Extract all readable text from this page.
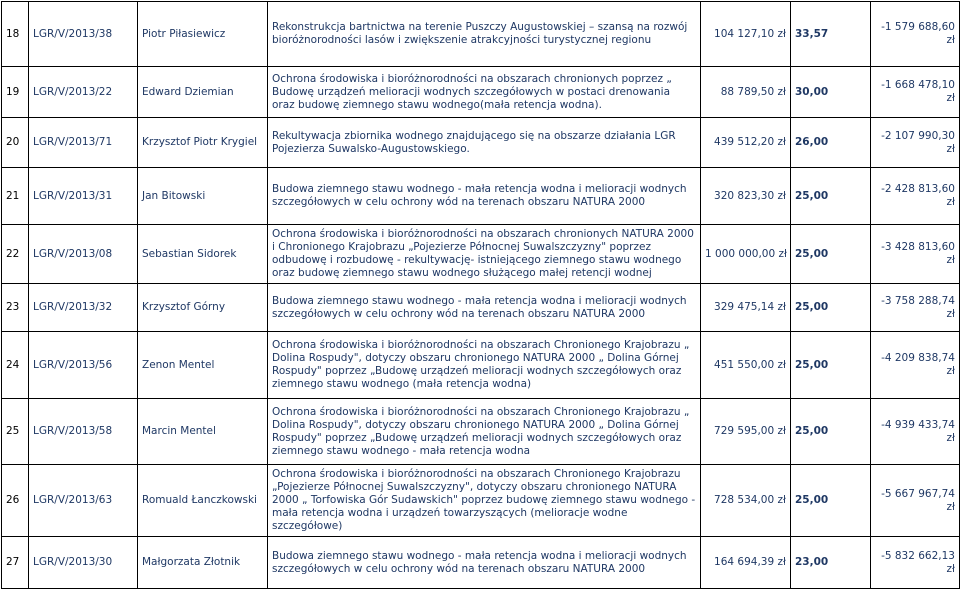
18	LGR/V/2013/38	Piotr Piłasiewicz	Rekonstrukcja bartnictwa na terenie Puszczy Augustowskiej – szansą na rozwój bioróżnorodności lasów i zwiększenie atrakcyjności turystycznej regionu	104 127,10 zł	33,57	-1 579 688,60 zł
19	LGR/V/2013/22	Edward Dziemian	Ochrona środowiska i bioróżnorodności na obszarach chronionych poprzez „ Budowę urządzeń melioracji wodnych szczegółowych w postaci drenowania oraz budowę ziemnego stawu wodnego(mała retencja wodna).	88 789,50 zł	30,00	-1 668 478,10 zł
20	LGR/V/2013/71	Krzysztof Piotr Krygiel	Rekultywacja zbiornika wodnego znajdującego się na obszarze działania LGR Pojezierza Suwalsko-Augustowskiego.	439 512,20 zł	26,00	-2 107 990,30 zł
21	LGR/V/2013/31	Jan Bitowski	Budowa ziemnego stawu wodnego - mała retencja wodna i melioracji wodnych szczegółowych w celu ochrony wód na terenach obszaru NATURA 2000	320 823,30 zł	25,00	-2 428 813,60 zł
22	LGR/V/2013/08	Sebastian Sidorek	Ochrona środowiska i bioróżnorodności na obszarach chronionych NATURA 2000 i Chronionego Krajobrazu „Pojezierze Północnej Suwalszczyzny" poprzez odbudowę i rozbudowę - rekultywację- istniejącego ziemnego stawu wodnego oraz budowę ziemnego stawu wodnego służącego małej retencji wodnej	1 000 000,00 zł	25,00	-3 428 813,60 zł
23	LGR/V/2013/32	Krzysztof Górny	Budowa ziemnego stawu wodnego - mała retencja wodna i melioracji wodnych szczegółowych w celu ochrony wód na terenach obszaru NATURA 2000	329 475,14 zł	25,00	-3 758 288,74 zł
24	LGR/V/2013/56	Zenon Mentel	Ochrona środowiska i bioróżnorodności na obszarach Chronionego Krajobrazu „ Dolina Rospudy", dotyczy obszaru chronionego NATURA 2000 „ Dolina Górnej Rospudy" poprzez „Budowę urządzeń melioracji wodnych szczegółowych oraz ziemnego stawu wodnego (mała retencja wodna)	451 550,00 zł	25,00	-4 209 838,74 zł
25	LGR/V/2013/58	Marcin Mentel	Ochrona środowiska i bioróżnorodności na obszarach Chronionego Krajobrazu „ Dolina Rospudy", dotyczy obszaru chronionego NATURA 2000 „ Dolina Górnej Rospudy" poprzez „Budowę urządzeń melioracji wodnych szczegółowych oraz ziemnego stawu wodnego - mała retencja wodna	729 595,00 zł	25,00	-4 939 433,74 zł
26	LGR/V/2013/63	Romuald Łanczkowski	Ochrona środowiska i bioróżnorodności na obszarach Chronionego Krajobrazu „Pojezierze Północnej Suwalszczyzny", dotyczy obszaru chronionego NATURA 2000 „ Torfowiska Gór Sudawskich" poprzez budowę ziemnego stawu wodnego - mała retencja wodna i urządzeń towarzyszących (melioracje wodne szczegółowe)	728 534,00 zł	25,00	-5 667 967,74 zł
27	LGR/V/2013/30	Małgorzata Złotnik	Budowa ziemnego stawu wodnego - mała retencja wodna i melioracji wodnych szczegółowych w celu ochrony wód na terenach obszaru NATURA 2000	164 694,39 zł	23,00	-5 832 662,13 zł
